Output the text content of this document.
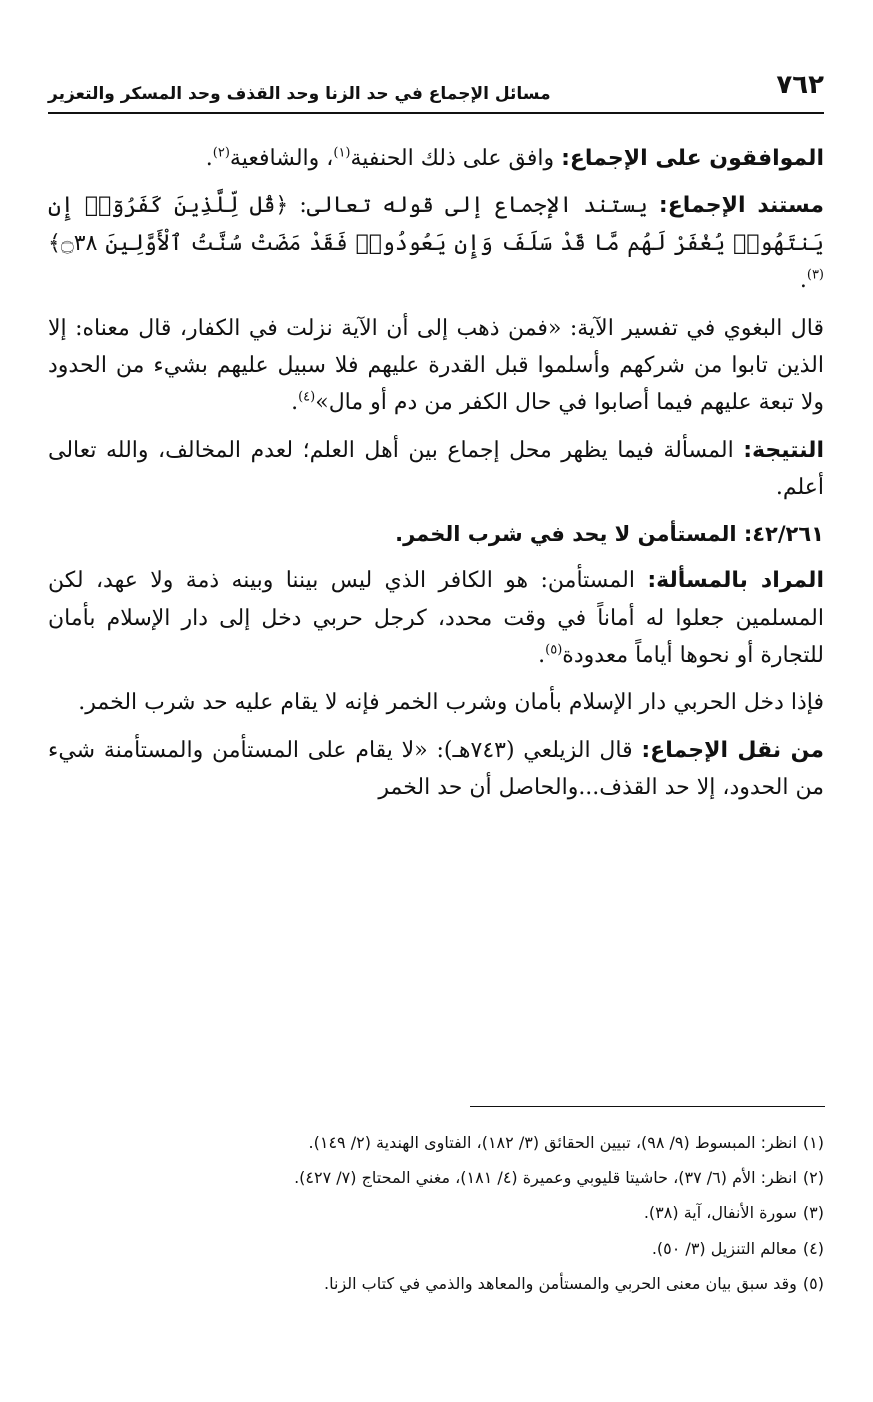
٧٦٢
مسائل الإجماع في حد الزنا وحد القذف وحد المسكر والتعزير

الموافقون على الإجماع: وافق على ذلك الحنفية$^{(١)}$، والشافعية$^{(٢)}$.

مستند الإجماع: يستند الإجماع إلى قوله تعالى: ﴿قُل لِّلَّذِينَ كَفَرُوٓا۟ إِن يَنتَهُوا۟ يُغْفَرْ لَهُم مَّا قَدْ سَلَفَ وَإِن يَعُودُوا۟ فَقَدْ مَضَتْ سُنَّتُ ٱلْأَوَّلِينَ ۝٣٨﴾$^{(٣)}$.

قال البغوي في تفسير الآية: «فمن ذهب إلى أن الآية نزلت في الكفار، قال معناه: إلا الذين تابوا من شركهم وأسلموا قبل القدرة عليهم فلا سبيل عليهم بشيء من الحدود ولا تبعة عليهم فيما أصابوا في حال الكفر من دم أو مال»$^{(٤)}$.

النتيجة: المسألة فيما يظهر محل إجماع بين أهل العلم؛ لعدم المخالف، والله تعالى أعلم.

٤٢/٢٦١: المستأمن لا يحد في شرب الخمر.

المراد بالمسألة: المستأمن: هو الكافر الذي ليس بيننا وبينه ذمة ولا عهد، لكن المسلمين جعلوا له أماناً في وقت محدد، كرجل حربي دخل إلى دار الإسلام بأمان للتجارة أو نحوها أياماً معدودة$^{(٥)}$.

فإذا دخل الحربي دار الإسلام بأمان وشرب الخمر فإنه لا يقام عليه حد شرب الخمر.

من نقل الإجماع: قال الزيلعي (٧٤٣هـ): «لا يقام على المستأمن والمستأمنة شيء من الحدود، إلا حد القذف...والحاصل أن حد الخمر

(١)انظر: المبسوط (٩/ ٩٨)، تبيين الحقائق (٣/ ١٨٢)، الفتاوى الهندية (٢/ ١٤٩).

(٢)انظر: الأم (٦/ ٣٧)، حاشيتا قليوبي وعميرة (٤/ ١٨١)، مغني المحتاج (٧/ ٤٢٧).

(٣)سورة الأنفال، آية (٣٨).

(٤)معالم التنزيل (٣/ ٥٠).

(٥)وقد سبق بيان معنى الحربي والمستأمن والمعاهد والذمي في كتاب الزنا.
